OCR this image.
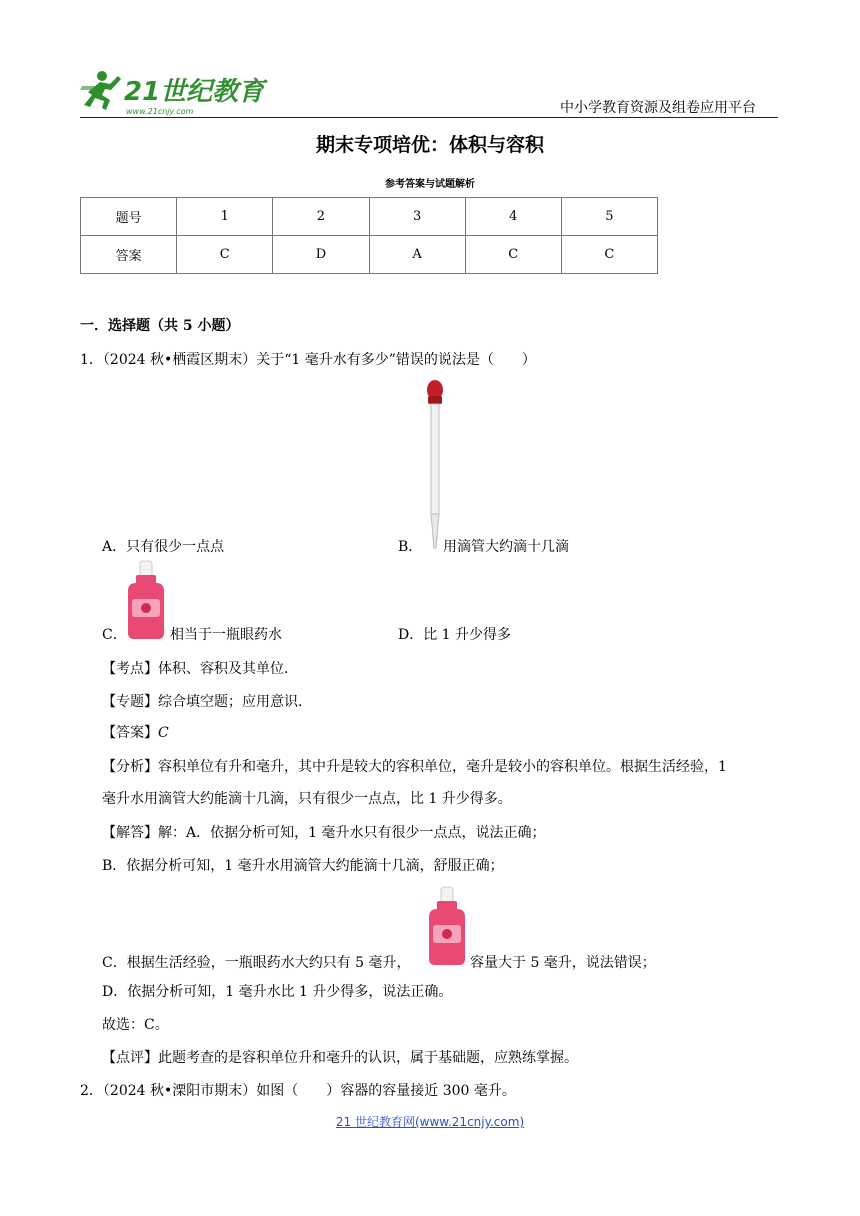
21世纪教育
www.21cnjy.com	中小学教育资源及组卷应用平台
期末专项培优：体积与容积
参考答案与试题解析
题号	1	2	3	4	5
答案	C	D	A	C	C
一．选择题（共 5 小题）
1．（2024 秋•栖霞区期末）关于“1 毫升水有多少”错误的说法是（　　）
A．只有很少一点点	B． 用滴管大约滴十几滴
C．	相当于一瓶眼药水	D．比 1 升少得多
【考点】体积、容积及其单位．
【专题】综合填空题；应用意识．
【答案】C
【分析】容积单位有升和毫升，其中升是较大的容积单位，毫升是较小的容积单位。根据生活经验，1
毫升水用滴管大约能滴十几滴，只有很少一点点，比 1 升少得多。
【解答】解：A．依据分析可知，1 毫升水只有很少一点点，说法正确；
B．依据分析可知，1 毫升水用滴管大约能滴十几滴，舒服正确；
C．根据生活经验，一瓶眼药水大约只有 5 毫升，	容量大于 5 毫升，说法错误；
D．依据分析可知，1 毫升水比 1 升少得多，说法正确。
故选：C。
【点评】此题考查的是容积单位升和毫升的认识，属于基础题，应熟练掌握。
2．（2024 秋•溧阳市期末）如图（　　）容器的容量接近 300 毫升。
21 世纪教育网(www.21cnjy.com)
